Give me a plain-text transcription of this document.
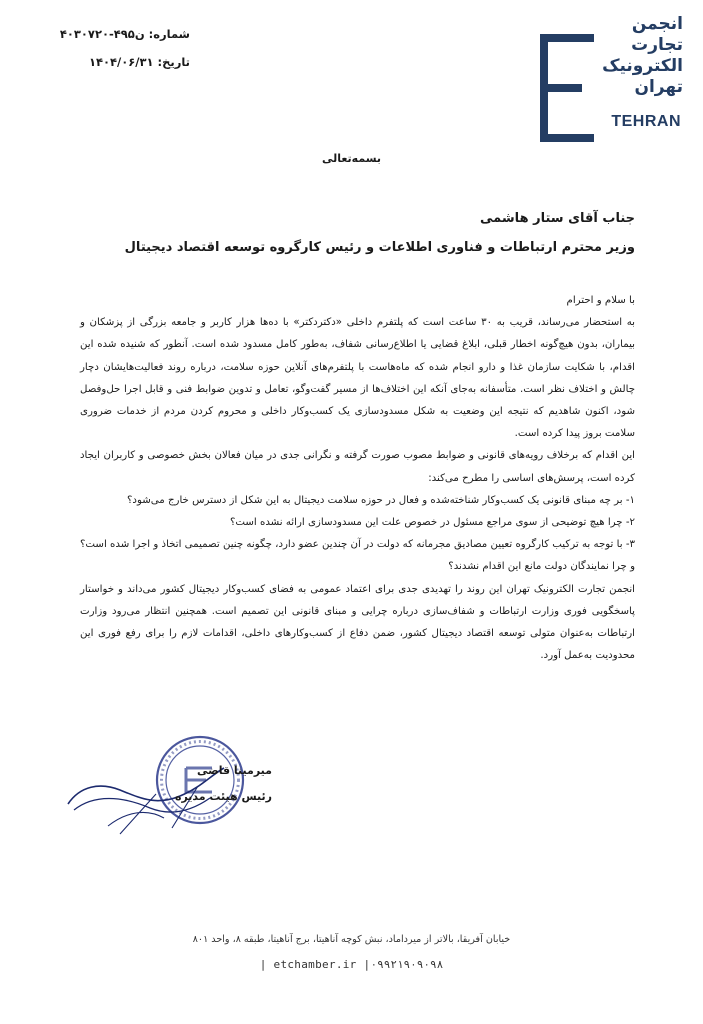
انجمن
تجارت
الکترونیک
تهران
TEHRAN
شماره: ن۴۹۵-۴۰۳۰۷۲۰
تاریخ: ۱۴۰۴/۰۶/۳۱
بسمه‌تعالی
جناب آقای ستار هاشمی
وزیر محترم ارتباطات و فناوری اطلاعات و رئیس کارگروه توسعه اقتصاد دیجیتال

با سلام و احترام

به استحضار می‌رساند، قریب به ۳۰ ساعت است که پلتفرم داخلی «دکتردکتر» با ده‌ها هزار کاربر و جامعه بزرگی از پزشکان و بیماران، بدون هیچ‌گونه اخطار قبلی، ابلاغ قضایی یا اطلاع‌رسانی شفاف، به‌طور کامل مسدود شده است. آنطور که شنیده شده این اقدام، با شکایت سازمان غذا و دارو انجام شده که ماه‌هاست با پلتفرم‌های آنلاین حوزه سلامت، درباره روند فعالیت‌هایشان دچار چالش و اختلاف نظر است. متأسفانه به‌جای آنکه این اختلاف‌ها از مسیر گفت‌وگو، تعامل و تدوین ضوابط فنی و قابل اجرا حل‌وفصل شود، اکنون شاهدیم که نتیجه این وضعیت به شکل مسدودسازی یک کسب‌وکار داخلی و محروم کردن مردم از خدمات ضروری سلامت بروز پیدا کرده است.

این اقدام که برخلاف رویه‌های قانونی و ضوابط مصوب صورت گرفته و نگرانی جدی در میان فعالان بخش خصوصی و کاربران ایجاد کرده است، پرسش‌های اساسی را مطرح می‌کند:

۱- بر چه مبنای قانونی یک کسب‌وکار شناخته‌شده و فعال در حوزه سلامت دیجیتال به این شکل از دسترس خارج می‌شود؟

۲- چرا هیچ توضیحی از سوی مراجع مسئول در خصوص علت این مسدودسازی ارائه نشده است؟

۳- با توجه به ترکیب کارگروه تعیین مصادیق مجرمانه که دولت در آن چندین عضو دارد، چگونه چنین تصمیمی اتخاذ و اجرا شده است؟ و چرا نمایندگان دولت مانع این اقدام نشدند؟

انجمن تجارت الکترونیک تهران این روند را تهدیدی جدی برای اعتماد عمومی به فضای کسب‌وکار دیجیتال کشور می‌داند و خواستار پاسخگویی فوری وزارت ارتباطات و شفاف‌سازی درباره چرایی و مبنای قانونی این تصمیم است. همچنین انتظار می‌رود وزارت ارتباطات به‌عنوان متولی توسعه اقتصاد دیجیتال کشور، ضمن دفاع از کسب‌وکارهای داخلی، اقدامات لازم را برای رفع فوری این محدودیت به‌عمل آورد.

میرمینا قاضی
رئیس هیئت مدیره
خیابان آفریقا، بالاتر از میرداماد، نبش کوچه آناهیتا، برج آناهیتا، طبقه ۸، واحد ۸۰۱
| etchamber.ir |۰۹۹۲۱۹۰۹۰۹۸
